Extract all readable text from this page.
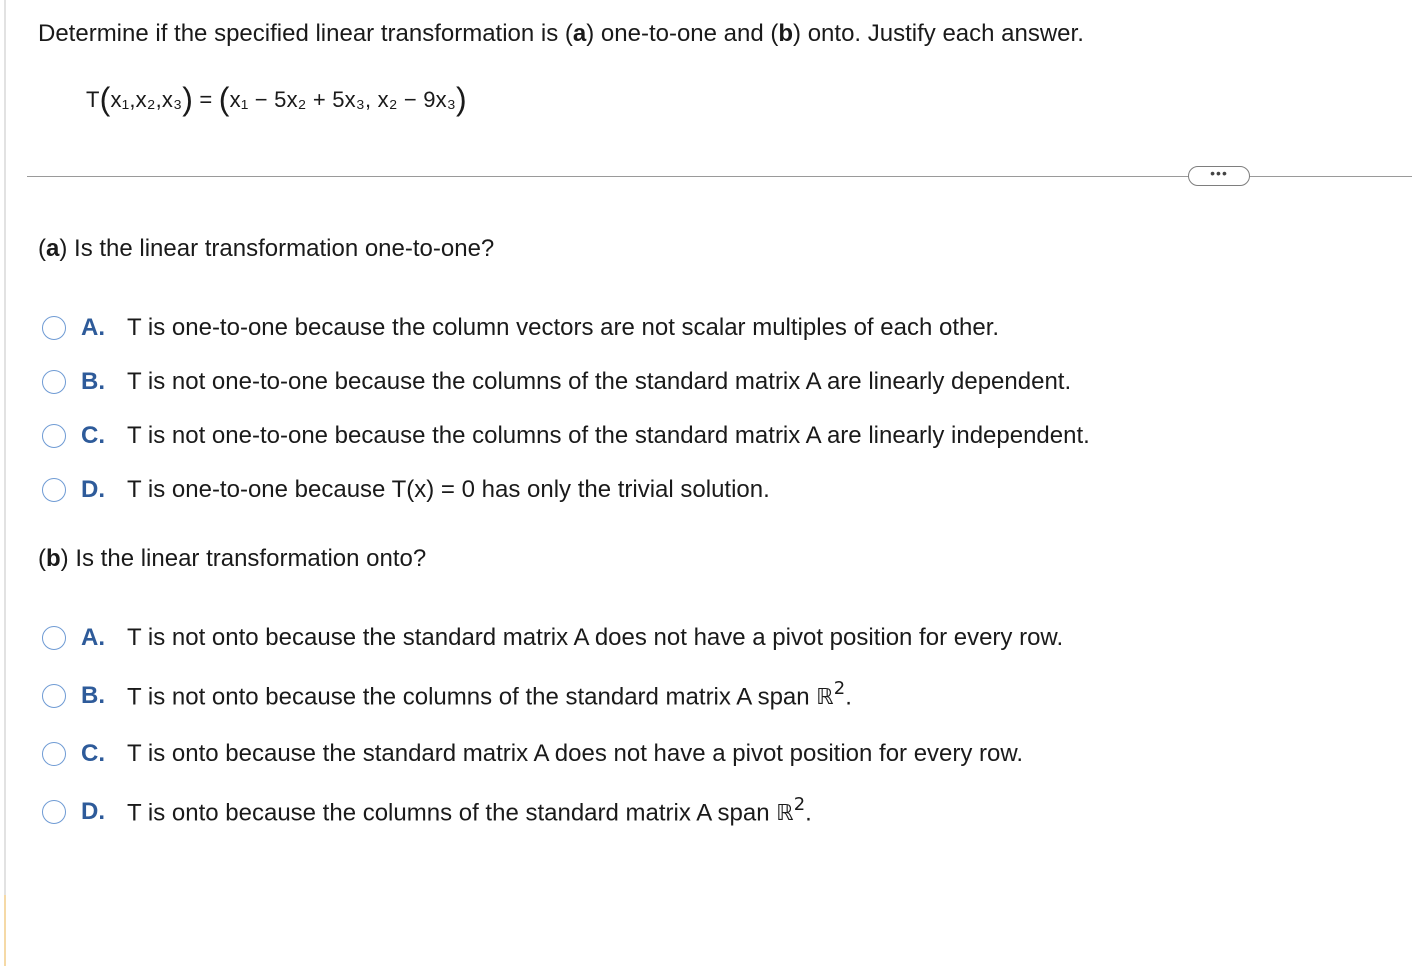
Determine if the specified linear transformation is (a) one-to-one and (b) onto. Justify each answer.
T(x₁,x₂,x₃) = (x₁ − 5x₂ + 5x₃, x₂ − 9x₃)
•••
(a) Is the linear transformation one-to-one?
A. T is one-to-one because the column vectors are not scalar multiples of each other.
B. T is not one-to-one because the columns of the standard matrix A are linearly dependent.
C. T is not one-to-one because the columns of the standard matrix A are linearly independent.
D. T is one-to-one because T(x) = 0 has only the trivial solution.
(b) Is the linear transformation onto?
A. T is not onto because the standard matrix A does not have a pivot position for every row.
B. T is not onto because the columns of the standard matrix A span ℝ$^2$.
C. T is onto because the standard matrix A does not have a pivot position for every row.
D. T is onto because the columns of the standard matrix A span ℝ$^2$.
